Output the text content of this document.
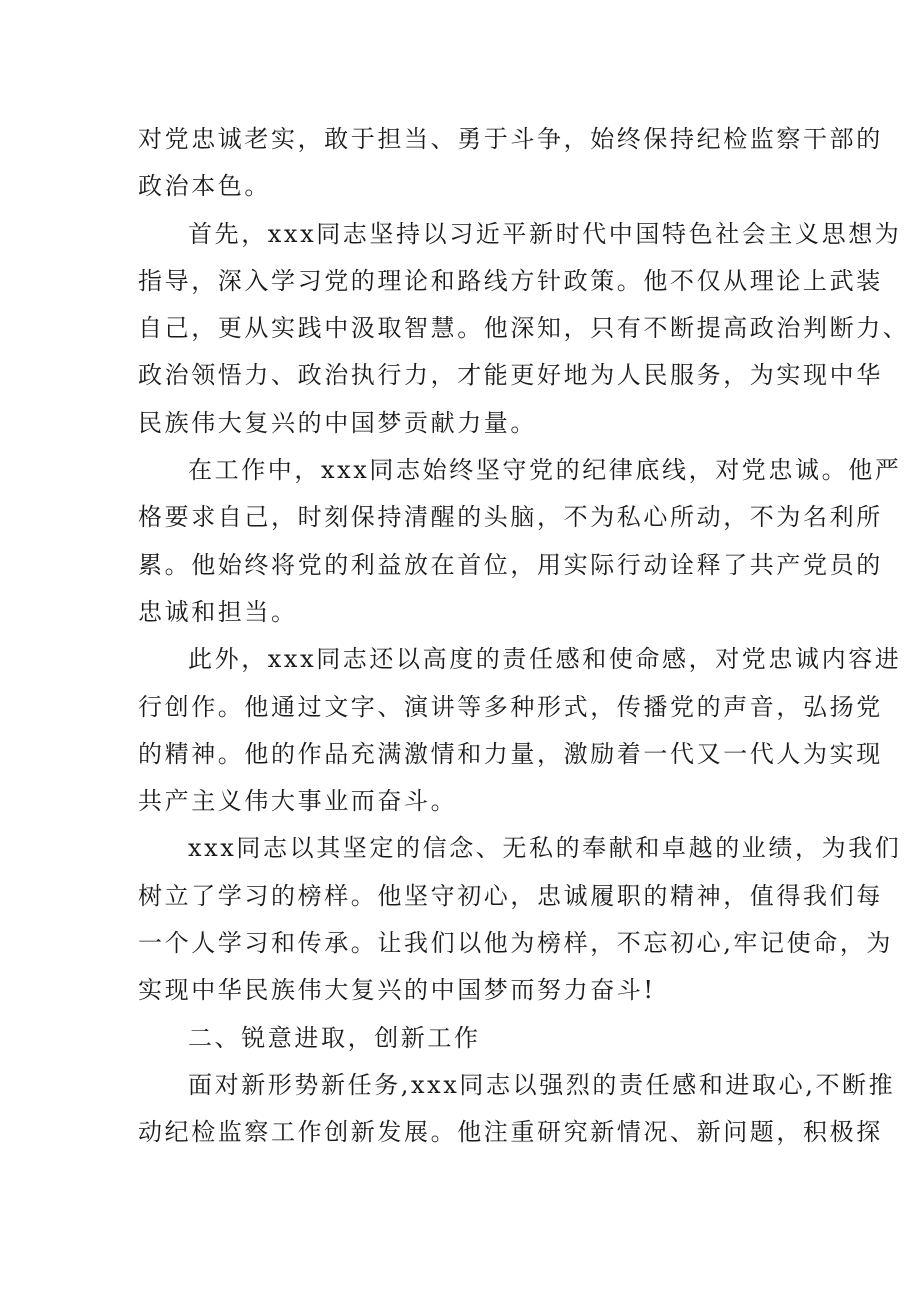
对党忠诚老实，敢于担当、勇于斗争，始终保持纪检监察干部的
政治本色。
首先，xxx同志坚持以习近平新时代中国特色社会主义思想为
指导，深入学习党的理论和路线方针政策。他不仅从理论上武装
自己，更从实践中汲取智慧。他深知，只有不断提高政治判断力、
政治领悟力、政治执行力，才能更好地为人民服务，为实现中华
民族伟大复兴的中国梦贡献力量。
在工作中，xxx同志始终坚守党的纪律底线，对党忠诚。他严
格要求自己，时刻保持清醒的头脑，不为私心所动，不为名利所
累。他始终将党的利益放在首位，用实际行动诠释了共产党员的
忠诚和担当。
此外，xxx同志还以高度的责任感和使命感，对党忠诚内容进
行创作。他通过文字、演讲等多种形式，传播党的声音，弘扬党
的精神。他的作品充满激情和力量，激励着一代又一代人为实现
共产主义伟大事业而奋斗。
xxx同志以其坚定的信念、无私的奉献和卓越的业绩，为我们
树立了学习的榜样。他坚守初心，忠诚履职的精神，值得我们每
一个人学习和传承。让我们以他为榜样，不忘初心,牢记使命，为
实现中华民族伟大复兴的中国梦而努力奋斗!
二、锐意进取，创新工作
面对新形势新任务,xxx同志以强烈的责任感和进取心,不断推
动纪检监察工作创新发展。他注重研究新情况、新问题，积极探
